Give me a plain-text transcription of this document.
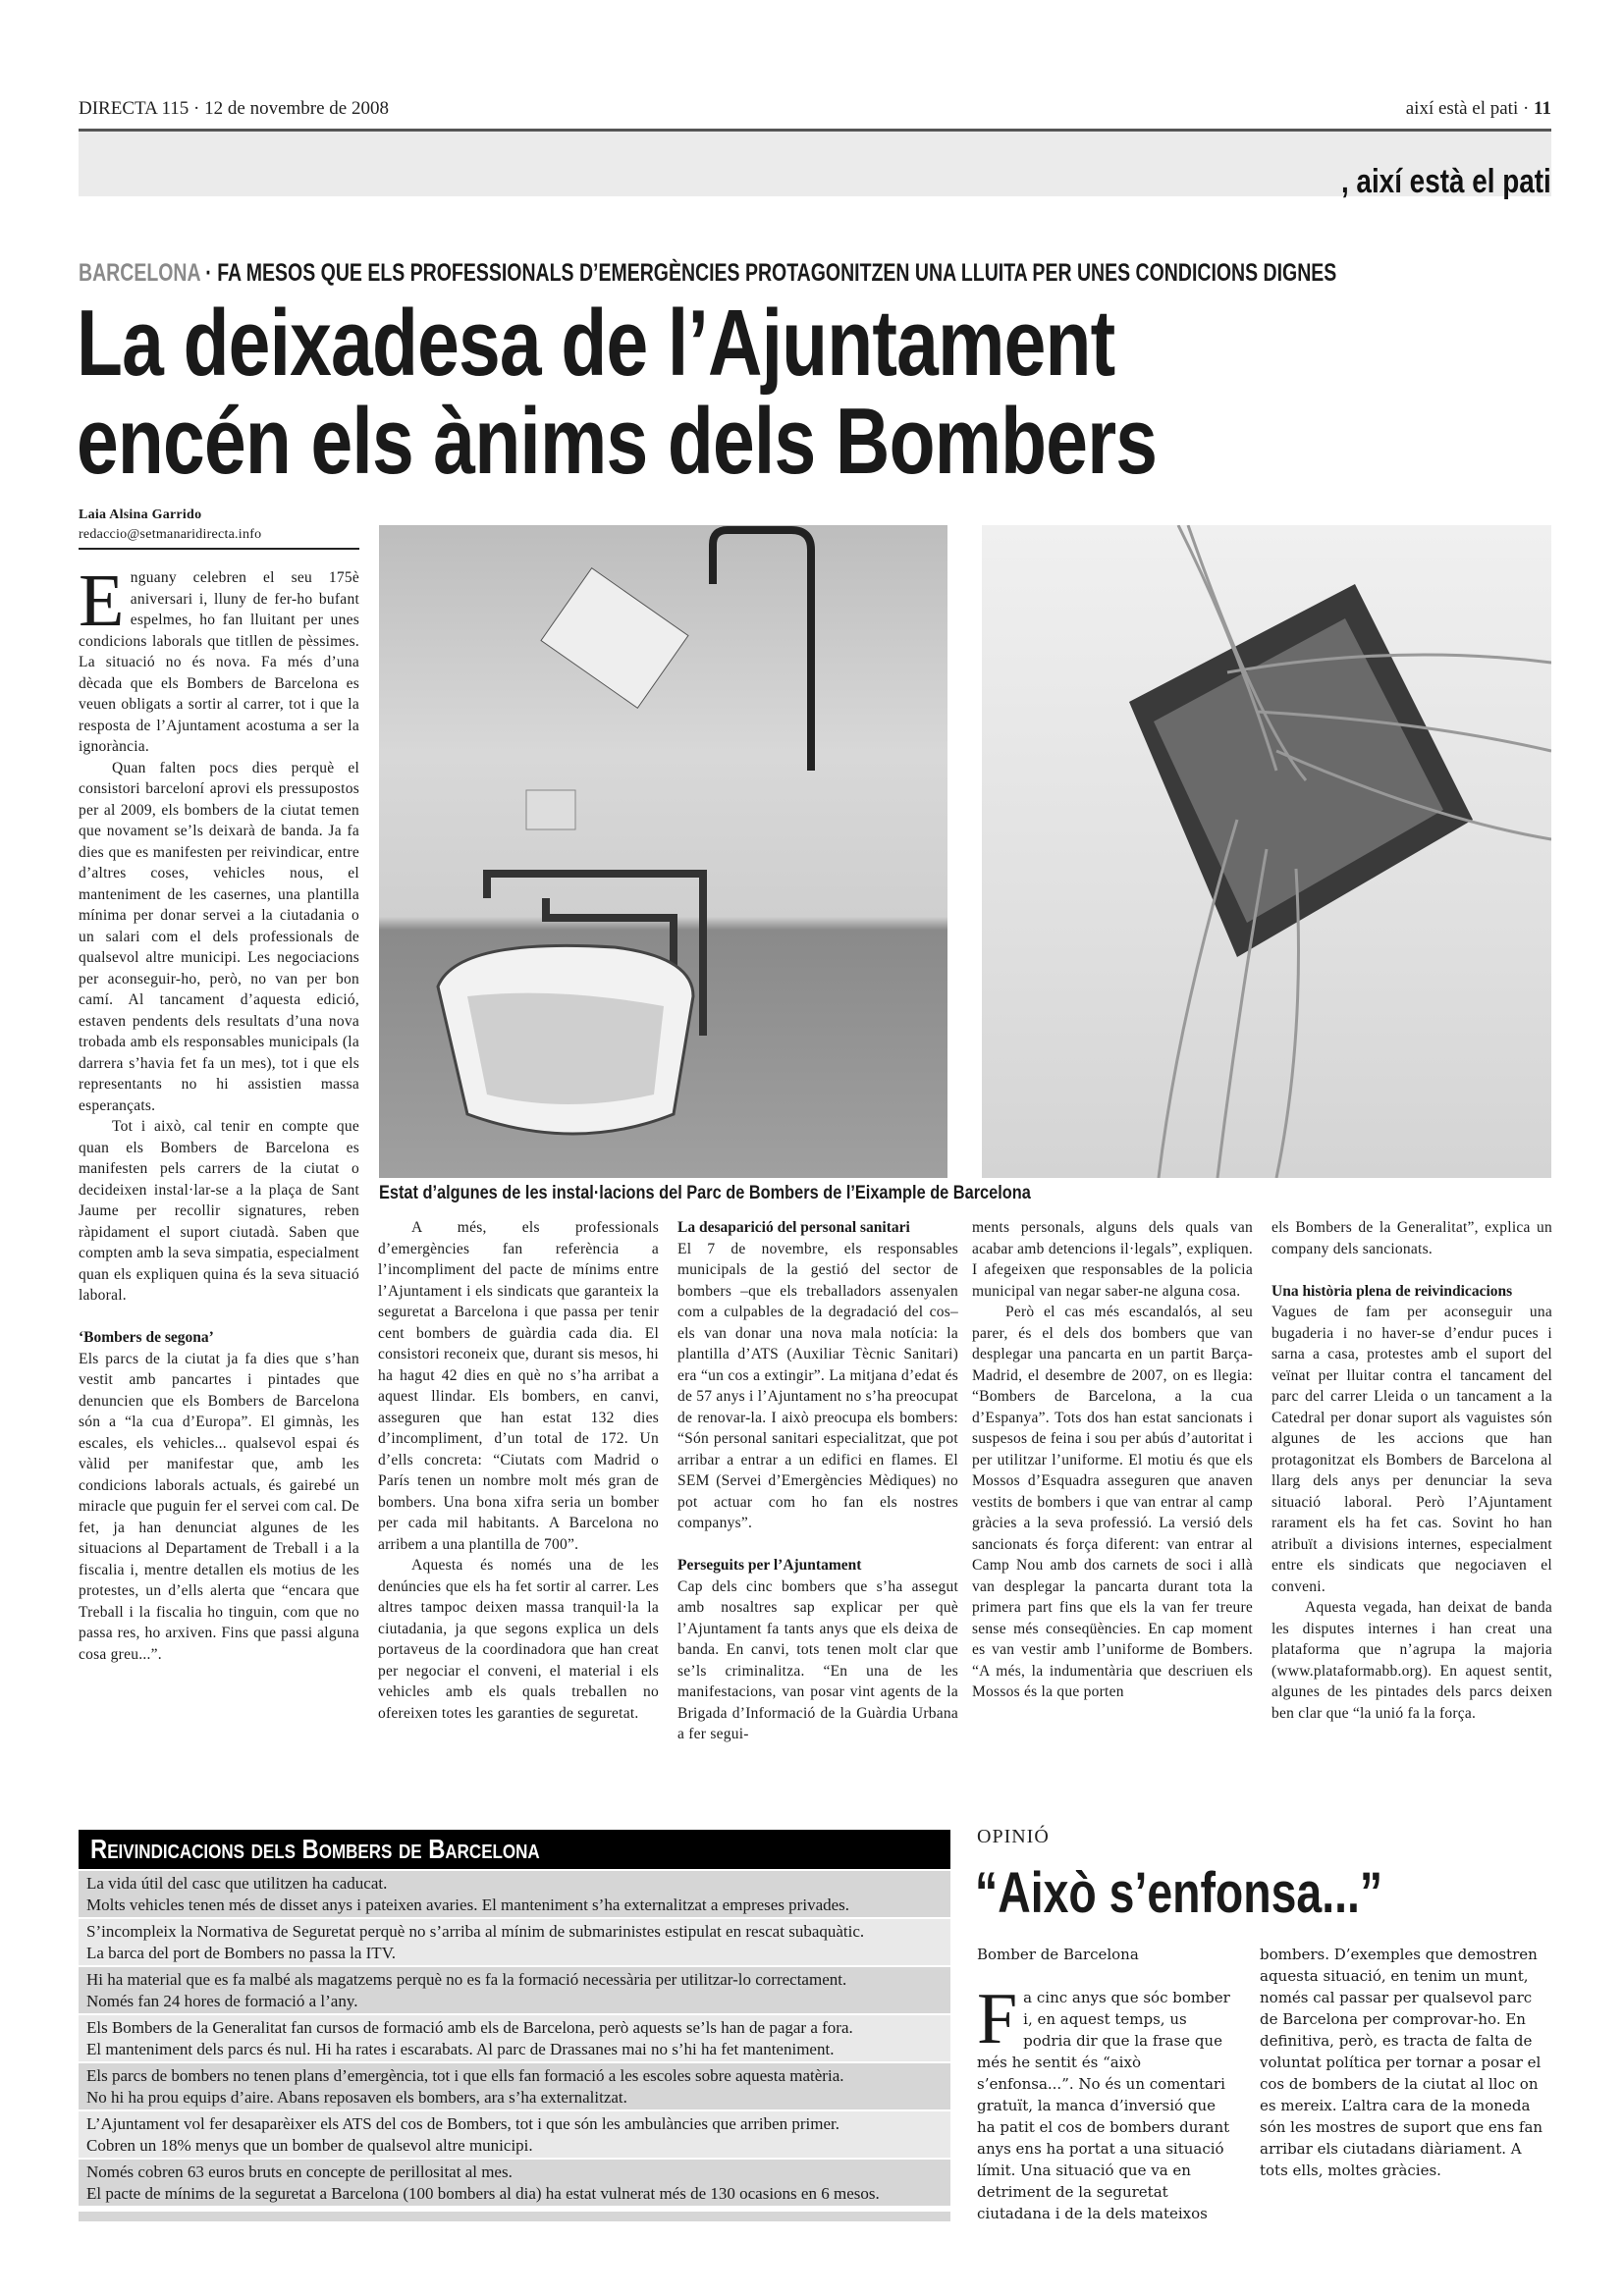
DIRECTA 115 · 12 de novembre de 2008	així està el pati · 11
, així està el pati
BARCELONA · FA MESOS QUE ELS PROFESSIONALS D’EMERGÈNCIES PROTAGONITZEN UNA LLUITA PER UNES CONDICIONS DIGNES
La deixadesa de l’Ajuntament
encén els ànims dels Bombers
Estat d’algunes de les instal·lacions del Parc de Bombers de l’Eixample de Barcelona
Laia Alsina Garrido
redaccio@setmanaridirecta.info

Enguany celebren el seu 175è aniversari i, lluny de fer-ho bufant espelmes, ho fan lluitant per unes condicions laborals que titllen de pèssimes. La situació no és nova. Fa més d’una dècada que els Bombers de Barcelona es veuen obligats a sortir al carrer, tot i que la resposta de l’Ajuntament acostuma a ser la ignorància.

Quan falten pocs dies perquè el consistori barceloní aprovi els pressupostos per al 2009, els bombers de la ciutat temen que novament se’ls deixarà de banda. Ja fa dies que es manifesten per reivindicar, entre d’altres coses, vehicles nous, el manteniment de les casernes, una plantilla mínima per donar servei a la ciutadania o un salari com el dels professionals de qualsevol altre municipi. Les negociacions per aconseguir-ho, però, no van per bon camí. Al tancament d’aquesta edició, estaven pendents dels resultats d’una nova trobada amb els responsables municipals (la darrera s’havia fet fa un mes), tot i que els representants no hi assistien massa esperançats.

Tot i això, cal tenir en compte que quan els Bombers de Barcelona es manifesten pels carrers de la ciutat o decideixen instal·lar-se a la plaça de Sant Jaume per recollir signatures, reben ràpidament el suport ciutadà. Saben que compten amb la seva simpatia, especialment quan els expliquen quina és la seva situació laboral.

‘Bombers de segona’

Els parcs de la ciutat ja fa dies que s’han vestit amb pancartes i pintades que denuncien que els Bombers de Barcelona són a “la cua d’Europa”. El gimnàs, les escales, els vehicles... qualsevol espai és vàlid per manifestar que, amb les condicions laborals actuals, és gairebé un miracle que puguin fer el servei com cal. De fet, ja han denunciat algunes de les situacions al Departament de Treball i a la fiscalia i, mentre detallen els motius de les protestes, un d’ells alerta que “encara que Treball i la fiscalia ho tinguin, com que no passa res, ho arxiven. Fins que passi alguna cosa greu...”.

A més, els professionals d’emergències fan referència a l’incompliment del pacte de mínims entre l’Ajuntament i els sindicats que garanteix la seguretat a Barcelona i que passa per tenir cent bombers de guàrdia cada dia. El consistori reconeix que, durant sis mesos, hi ha hagut 42 dies en què no s’ha arribat a aquest llindar. Els bombers, en canvi, asseguren que han estat 132 dies d’incompliment, d’un total de 172. Un d’ells concreta: “Ciutats com Madrid o París tenen un nombre molt més gran de bombers. Una bona xifra seria un bomber per cada mil habitants. A Barcelona no arribem a una plantilla de 700”.

Aquesta és només una de les denúncies que els ha fet sortir al carrer. Les altres tampoc deixen massa tranquil·la la ciutadania, ja que segons explica un dels portaveus de la coordinadora que han creat per negociar el conveni, el material i els vehicles amb els quals treballen no ofereixen totes les garanties de seguretat.

La desaparició del personal sanitari

El 7 de novembre, els responsables municipals de la gestió del sector de bombers –que els treballadors assenyalen com a culpables de la degradació del cos– els van donar una nova mala notícia: la plantilla d’ATS (Auxiliar Tècnic Sanitari) era “un cos a extingir”. La mitjana d’edat és de 57 anys i l’Ajuntament no s’ha preocupat de renovar-la. I això preocupa els bombers: “Són personal sanitari especialitzat, que pot arribar a entrar a un edifici en flames. El SEM (Servei d’Emergències Mèdiques) no pot actuar com ho fan els nostres companys”.

Perseguits per l’Ajuntament

Cap dels cinc bombers que s’ha assegut amb nosaltres sap explicar per què l’Ajuntament fa tants anys que els deixa de banda. En canvi, tots tenen molt clar que se’ls criminalitza. “En una de les manifestacions, van posar vint agents de la Brigada d’Informació de la Guàrdia Urbana a fer segui-

ments personals, alguns dels quals van acabar amb detencions il·legals”, expliquen. I afegeixen que responsables de la policia municipal van negar saber-ne alguna cosa.

Però el cas més escandalós, al seu parer, és el dels dos bombers que van desplegar una pancarta en un partit Barça-Madrid, el desembre de 2007, on es llegia: “Bombers de Barcelona, a la cua d’Espanya”. Tots dos han estat sancionats i suspesos de feina i sou per abús d’autoritat i per utilitzar l’uniforme. El motiu és que els Mossos d’Esquadra asseguren que anaven vestits de bombers i que van entrar al camp gràcies a la seva professió. La versió dels sancionats és força diferent: van entrar al Camp Nou amb dos carnets de soci i allà van desplegar la pancarta durant tota la primera part fins que els la van fer treure sense més conseqüències. En cap moment es van vestir amb l’uniforme de Bombers. “A més, la indumentària que descriuen els Mossos és la que porten

els Bombers de la Generalitat”, explica un company dels sancionats.

Una història plena de reivindicacions

Vagues de fam per aconseguir una bugaderia i no haver-se d’endur puces i sarna a casa, protestes amb el suport del veïnat per lluitar contra el tancament del parc del carrer Lleida o un tancament a la Catedral per donar suport als vaguistes són algunes de les accions que han protagonitzat els Bombers de Barcelona al llarg dels anys per denunciar la seva situació laboral. Però l’Ajuntament rarament els ha fet cas. Sovint ho han atribuït a divisions internes, especialment entre els sindicats que negociaven el conveni.

Aquesta vegada, han deixat de banda les disputes internes i han creat una plataforma que n’agrupa la majoria (www.plataformabb.org). En aquest sentit, algunes de les pintades dels parcs deixen ben clar que “la unió fa la força.

Reivindicacions dels Bombers de Barcelona
La vida útil del casc que utilitzen ha caducat.
Molts vehicles tenen més de disset anys i pateixen avaries. El manteniment s’ha externalitzat a empreses privades.
S’incompleix la Normativa de Seguretat perquè no s’arriba al mínim de submarinistes estipulat en rescat subaquàtic.
La barca del port de Bombers no passa la ITV.
Hi ha material que es fa malbé als magatzems perquè no es fa la formació necessària per utilitzar-lo correctament.
Només fan 24 hores de formació a l’any.
Els Bombers de la Generalitat fan cursos de formació amb els de Barcelona, però aquests se’ls han de pagar a fora.
El manteniment dels parcs és nul. Hi ha rates i escarabats. Al parc de Drassanes mai no s’hi ha fet manteniment.
Els parcs de bombers no tenen plans d’emergència, tot i que ells fan formació a les escoles sobre aquesta matèria.
No hi ha prou equips d’aire. Abans reposaven els bombers, ara s’ha externalitzat.
L’Ajuntament vol fer desaparèixer els ATS del cos de Bombers, tot i que són les ambulàncies que arriben primer.
Cobren un 18% menys que un bomber de qualsevol altre municipi.
Només cobren 63 euros bruts en concepte de perillositat al mes.
El pacte de mínims de la seguretat a Barcelona (100 bombers al dia) ha estat vulnerat més de 130 ocasions en 6 mesos.
OPINIÓ
“Això s’enfonsa...”
Bomber de Barcelona

Fa cinc anys que sóc bomber i, en aquest temps, us podria dir que la frase que més he sentit és “això s’enfonsa...”. No és un comentari gratuït, la manca d’inversió que ha patit el cos de bombers durant anys ens ha portat a una situació límit. Una situació que va en detriment de la seguretat ciutadana i de la dels mateixos

bombers. D’exemples que demostren aquesta situació, en tenim un munt, només cal passar per qualsevol parc de Barcelona per comprovar-ho. En definitiva, però, es tracta de falta de voluntat política per tornar a posar el cos de bombers de la ciutat al lloc on es mereix. L’altra cara de la moneda són les mostres de suport que ens fan arribar els ciutadans diàriament. A tots ells, moltes gràcies.
